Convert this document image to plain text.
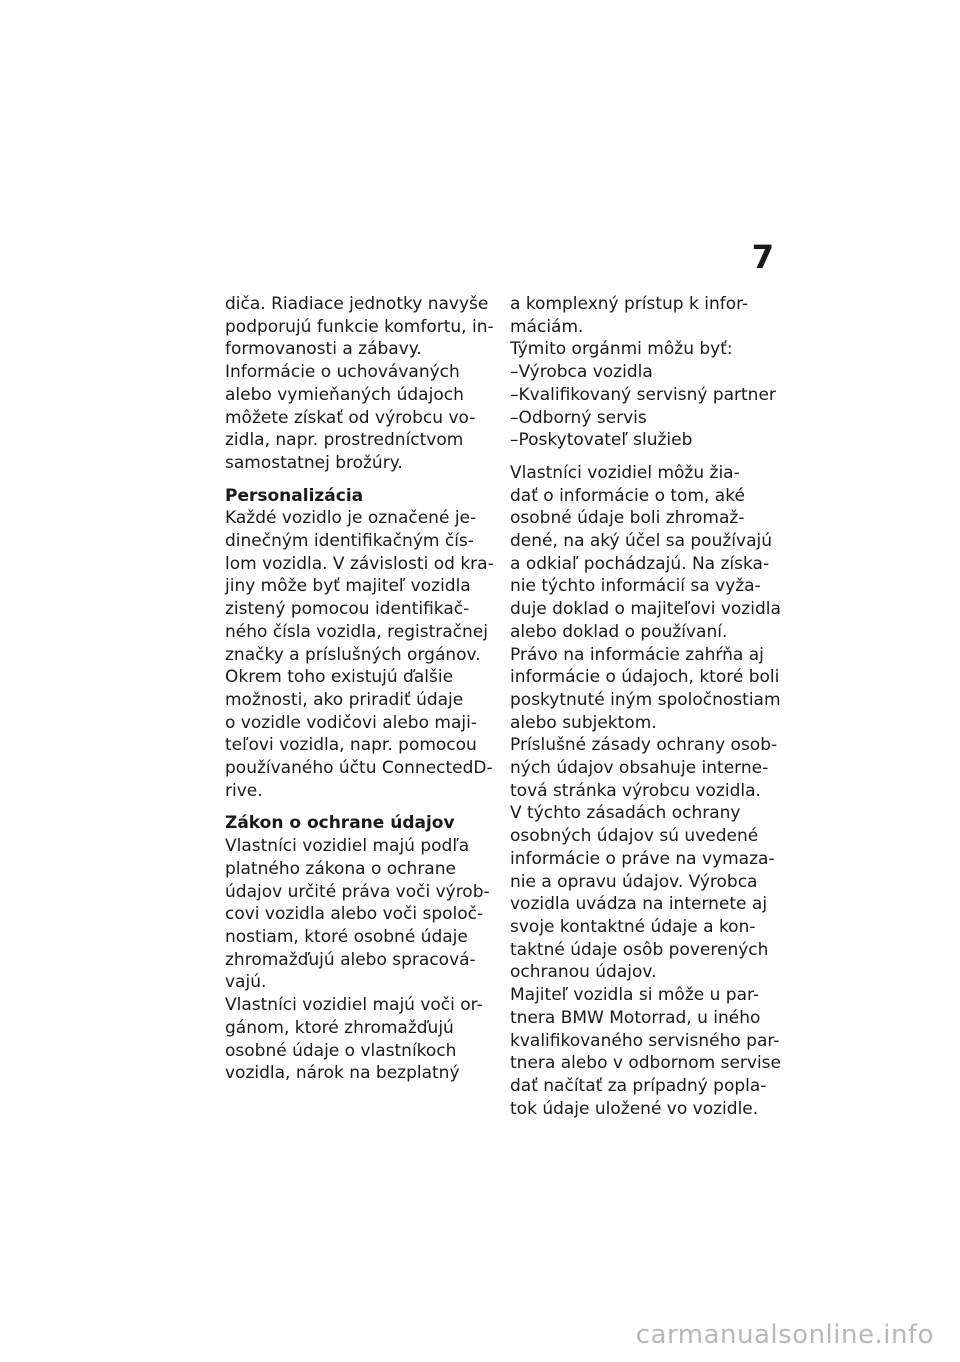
7
diča. Riadiace jednotky navyše
podporujú funkcie komfortu, in-
formovanosti a zábavy.
Informácie o uchovávaných
alebo vymieňaných údajoch
môžete získať od výrobcu vo-
zidla, napr. prostredníctvom
samostatnej brožúry.
Personalizácia
Každé vozidlo je označené je-
dinečným identifikačným čís-
lom vozidla. V závislosti od kra-
jiny môže byť majiteľ vozidla
zistený pomocou identifikač-
ného čísla vozidla, registračnej
značky a príslušných orgánov.
Okrem toho existujú ďalšie
možnosti, ako priradiť údaje
o vozidle vodičovi alebo maji-
teľovi vozidla, napr. pomocou
používaného účtu ConnectedD-
rive.
Zákon o ochrane údajov
Vlastníci vozidiel majú podľa
platného zákona o ochrane
údajov určité práva voči výrob-
covi vozidla alebo voči spoloč-
nostiam, ktoré osobné údaje
zhromažďujú alebo spracová-
vajú.
Vlastníci vozidiel majú voči or-
gánom, ktoré zhromažďujú
osobné údaje o vlastníkoch
vozidla, nárok na bezplatný
a komplexný prístup k infor-
máciám.
Týmito orgánmi môžu byť:
–Výrobca vozidla
–Kvalifikovaný servisný partner
–Odborný servis
–Poskytovateľ služieb
Vlastníci vozidiel môžu žia-
dať o informácie o tom, aké
osobné údaje boli zhromaž-
dené, na aký účel sa používajú
a odkiaľ pochádzajú. Na získa-
nie týchto informácií sa vyža-
duje doklad o majiteľovi vozidla
alebo doklad o používaní.
Právo na informácie zahŕňa aj
informácie o údajoch, ktoré boli
poskytnuté iným spoločnostiam
alebo subjektom.
Príslušné zásady ochrany osob-
ných údajov obsahuje interne-
tová stránka výrobcu vozidla.
V týchto zásadách ochrany
osobných údajov sú uvedené
informácie o práve na vymaza-
nie a opravu údajov. Výrobca
vozidla uvádza na internete aj
svoje kontaktné údaje a kon-
taktné údaje osôb poverených
ochranou údajov.
Majiteľ vozidla si môže u par-
tnera BMW Motorrad, u iného
kvalifikovaného servisného par-
tnera alebo v odbornom servise
dať načítať za prípadný popla-
tok údaje uložené vo vozidle.
carmanualsonline.info
